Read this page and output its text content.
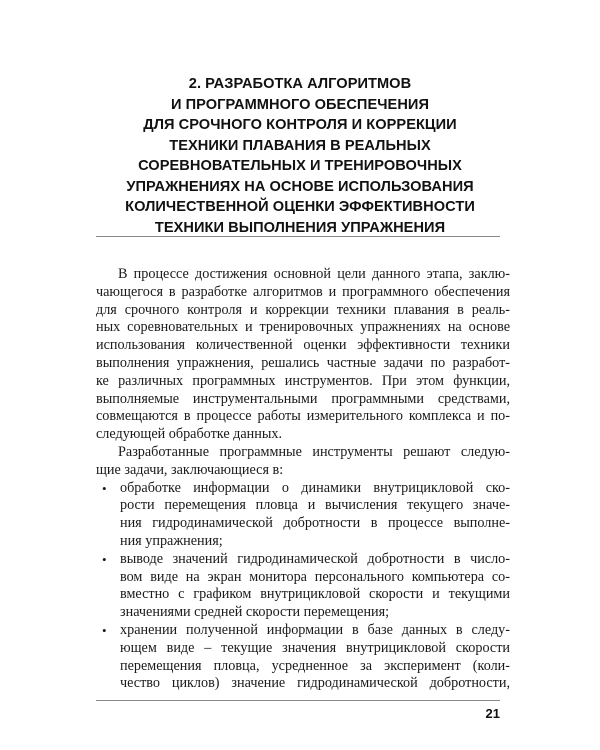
2. РАЗРАБОТКА АЛГОРИТМОВ
И ПРОГРАММНОГО ОБЕСПЕЧЕНИЯ
ДЛЯ СРОЧНОГО КОНТРОЛЯ И КОРРЕКЦИИ
ТЕХНИКИ ПЛАВАНИЯ В РЕАЛЬНЫХ
СОРЕВНОВАТЕЛЬНЫХ И ТРЕНИРОВОЧНЫХ
УПРАЖНЕНИЯХ НА ОСНОВЕ ИСПОЛЬЗОВАНИЯ
КОЛИЧЕСТВЕННОЙ ОЦЕНКИ ЭФФЕКТИВНОСТИ
ТЕХНИКИ ВЫПОЛНЕНИЯ УПРАЖНЕНИЯ
В процессе достижения основной цели данного этапа, заклю-
чающегося в разработке алгоритмов и программного обеспечения
для срочного контроля и коррекции техники плавания в реаль-
ных соревновательных и тренировочных упражнениях на основе
использования количественной оценки эффективности техники
выполнения упражнения, решались частные задачи по разработ-
ке различных программных инструментов. При этом функции,
выполняемые инструментальными программными средствами,
совмещаются в процессе работы измерительного комплекса и по-
следующей обработке данных.
Разработанные программные инструменты решают следую-
щие задачи, заключающиеся в:
• обработке информации о динамики внутрицикловой ско-
рости перемещения пловца и вычисления текущего значе-
ния гидродинамической добротности в процессе выполне-
ния упражнения;
• выводе значений гидродинамической добротности в число-
вом виде на экран монитора персонального компьютера со-
вместно с графиком внутрицикловой скорости и текущими
значениями средней скорости перемещения;
• хранении полученной информации в базе данных в следу-
ющем виде – текущие значения внутрицикловой скорости
перемещения пловца, усредненное за эксперимент (коли-
чество циклов) значение гидродинамической добротности,
21
